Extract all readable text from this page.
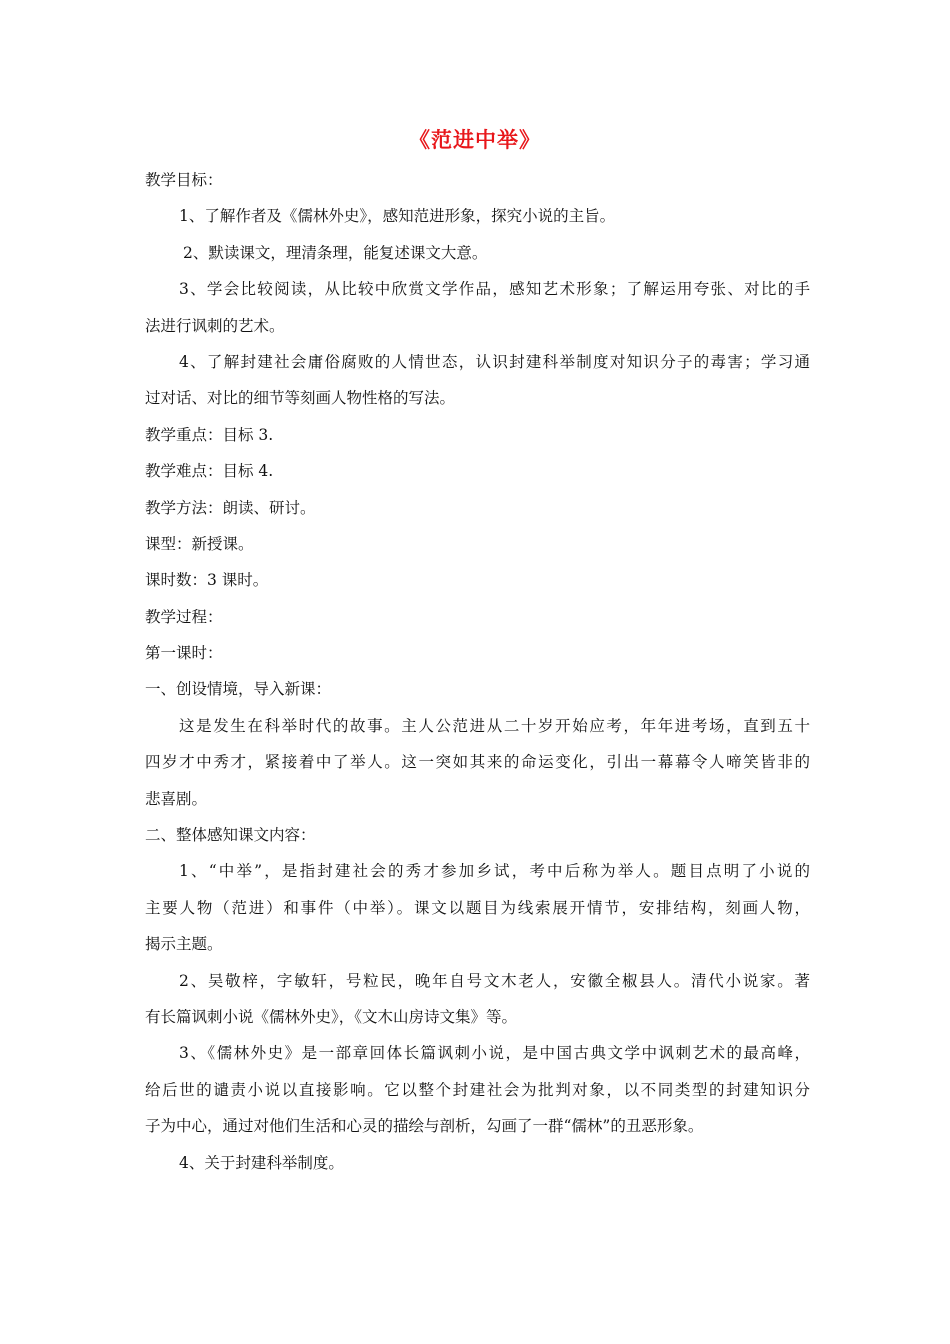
《范进中举》
教学目标：
1、了解作者及《儒林外史》，感知范进形象，探究小说的主旨。
2、默读课文，理清条理，能复述课文大意。
3、学会比较阅读，从比较中欣赏文学作品，感知艺术形象；了解运用夸张、对比的手
法进行讽刺的艺术。
4、了解封建社会庸俗腐败的人情世态，认识封建科举制度对知识分子的毒害；学习通
过对话、对比的细节等刻画人物性格的写法。
教学重点：目标 3.
教学难点：目标 4.
教学方法：朗读、研讨。
课型：新授课。
课时数：3 课时。
教学过程：
第一课时：
一、创设情境，导入新课：
这是发生在科举时代的故事。主人公范进从二十岁开始应考，年年进考场，直到五十
四岁才中秀才，紧接着中了举人。这一突如其来的命运变化，引出一幕幕令人啼笑皆非的
悲喜剧。
二、整体感知课文内容：
1、“中举”，是指封建社会的秀才参加乡试，考中后称为举人。题目点明了小说的
主要人物（范进）和事件（中举）。课文以题目为线索展开情节，安排结构，刻画人物，
揭示主题。
2、吴敬梓，字敏轩，号粒民，晚年自号文木老人，安徽全椒县人。清代小说家。著
有长篇讽刺小说《儒林外史》，《文木山房诗文集》等。
3、《儒林外史》是一部章回体长篇讽刺小说，是中国古典文学中讽刺艺术的最高峰，
给后世的谴责小说以直接影响。它以整个封建社会为批判对象，以不同类型的封建知识分
子为中心，通过对他们生活和心灵的描绘与剖析，勾画了一群“儒林”的丑恶形象。
4、关于封建科举制度。
